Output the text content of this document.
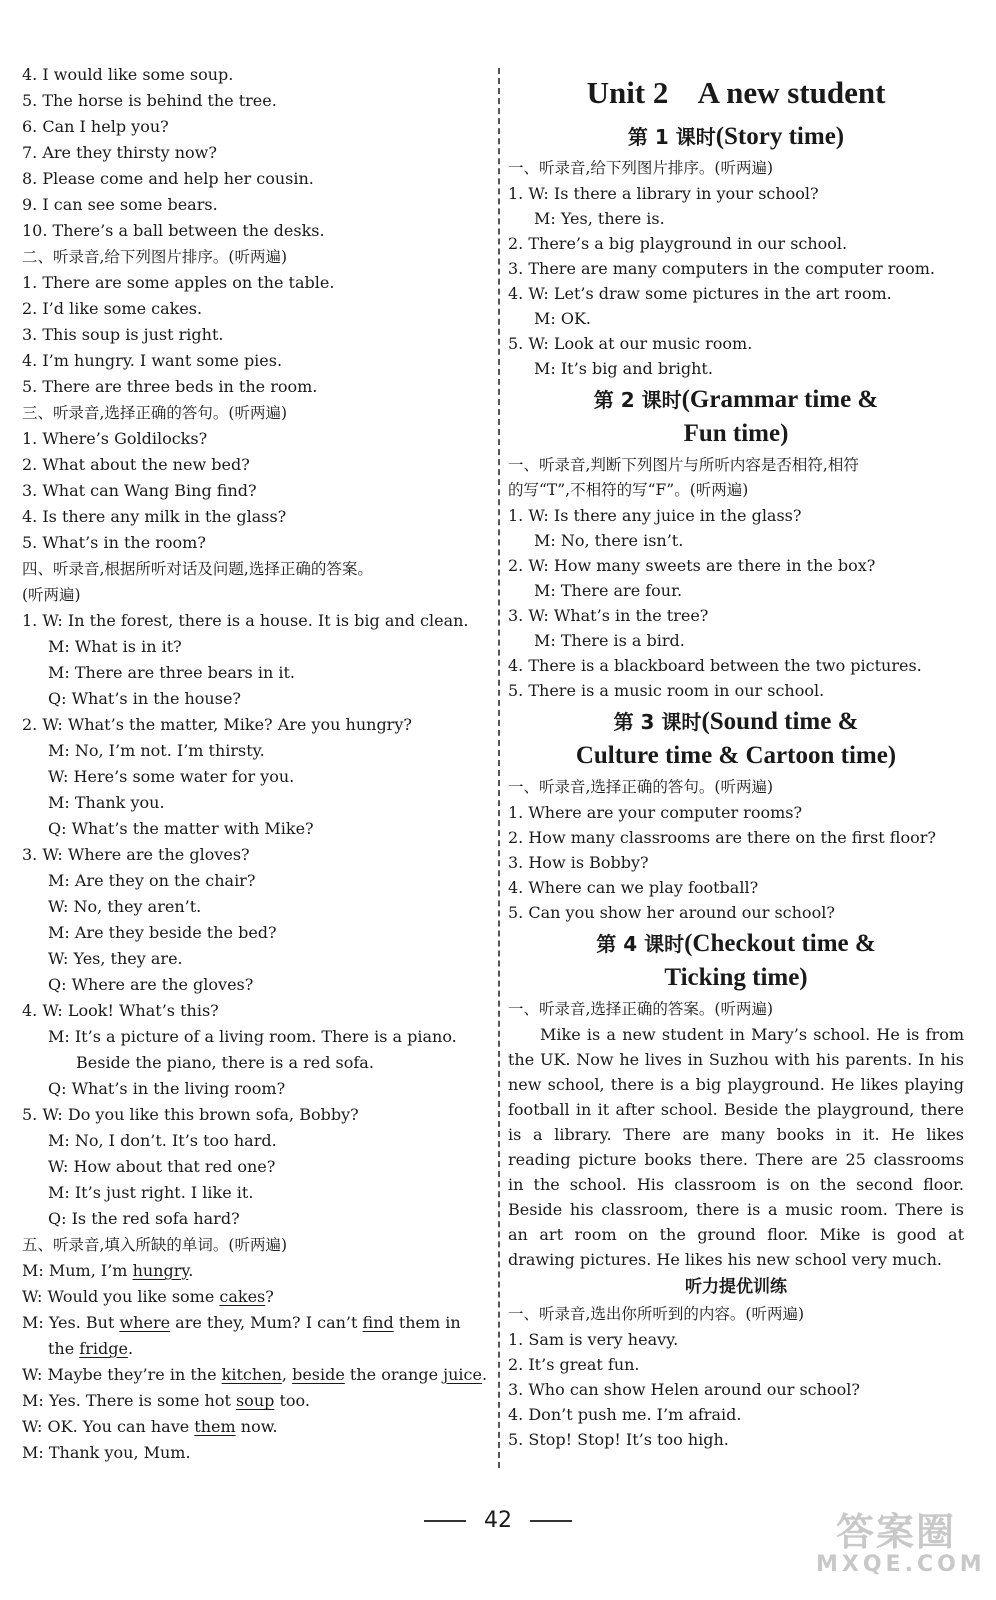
4. I would like some soup.

5. The horse is behind the tree.

6. Can I help you?

7. Are they thirsty now?

8. Please come and help her cousin.

9. I can see some bears.

10. There’s a ball between the desks.

二、听录音,给下列图片排序。(听两遍)

1. There are some apples on the table.

2. I’d like some cakes.

3. This soup is just right.

4. I’m hungry. I want some pies.

5. There are three beds in the room.

三、听录音,选择正确的答句。(听两遍)

1. Where’s Goldilocks?

2. What about the new bed?

3. What can Wang Bing find?

4. Is there any milk in the glass?

5. What’s in the room?

四、听录音,根据所听对话及问题,选择正确的答案。

(听两遍)

1. W: In the forest, there is a house. It is big and clean.

M: What is in it?

M: There are three bears in it.

Q: What’s in the house?

2. W: What’s the matter, Mike? Are you hungry?

M: No, I’m not. I’m thirsty.

W: Here’s some water for you.

M: Thank you.

Q: What’s the matter with Mike?

3. W: Where are the gloves?

M: Are they on the chair?

W: No, they aren’t.

M: Are they beside the bed?

W: Yes, they are.

Q: Where are the gloves?

4. W: Look! What’s this?

M: It’s a picture of a living room. There is a piano.

Beside the piano, there is a red sofa.

Q: What’s in the living room?

5. W: Do you like this brown sofa, Bobby?

M: No, I don’t. It’s too hard.

W: How about that red one?

M: It’s just right. I like it.

Q: Is the red sofa hard?

五、听录音,填入所缺的单词。(听两遍)

M: Mum, I’m hungry.

W: Would you like some cakes?

M: Yes. But where are they, Mum? I can’t find them in

the fridge.

W: Maybe they’re in the kitchen, beside the orange juice.

M: Yes. There is some hot soup too.

W: OK. You can have them now.

M: Thank you, Mum.

Unit 2    A new student
第 1 课时(Story time)

一、听录音,给下列图片排序。(听两遍)

1. W: Is there a library in your school?

M: Yes, there is.

2. There’s a big playground in our school.

3. There are many computers in the computer room.

4. W: Let’s draw some pictures in the art room.

M: OK.

5. W: Look at our music room.

M: It’s big and bright.

第 2 课时(Grammar time &
Fun time)

一、听录音,判断下列图片与所听内容是否相符,相符

的写“T”,不相符的写“F”。(听两遍)

1. W: Is there any juice in the glass?

M: No, there isn’t.

2. W: How many sweets are there in the box?

M: There are four.

3. W: What’s in the tree?

M: There is a bird.

4. There is a blackboard between the two pictures.

5. There is a music room in our school.

第 3 课时(Sound time &
Culture time & Cartoon time)

一、听录音,选择正确的答句。(听两遍)

1. Where are your computer rooms?

2. How many classrooms are there on the first floor?

3. How is Bobby?

4. Where can we play football?

5. Can you show her around our school?

第 4 课时(Checkout time &
Ticking time)

一、听录音,选择正确的答案。(听两遍)

Mike is a new student in Mary’s school. He is from the UK. Now he lives in Suzhou with his parents. In his new school, there is a big playground. He likes playing football in it after school. Beside the playground, there is a library. There are many books in it. He likes reading picture books there. There are 25 classrooms in the school. His classroom is on the second floor. Beside his classroom, there is a music room. There is an art room on the ground floor. Mike is good at drawing pictures. He likes his new school very much.

听力提优训练

一、听录音,选出你所听到的内容。(听两遍)

1. Sam is very heavy.

2. It’s great fun.

3. Who can show Helen around our school?

4. Don’t push me. I’m afraid.

5. Stop! Stop! It’s too high.

42	答案圈
MXQE.COM
